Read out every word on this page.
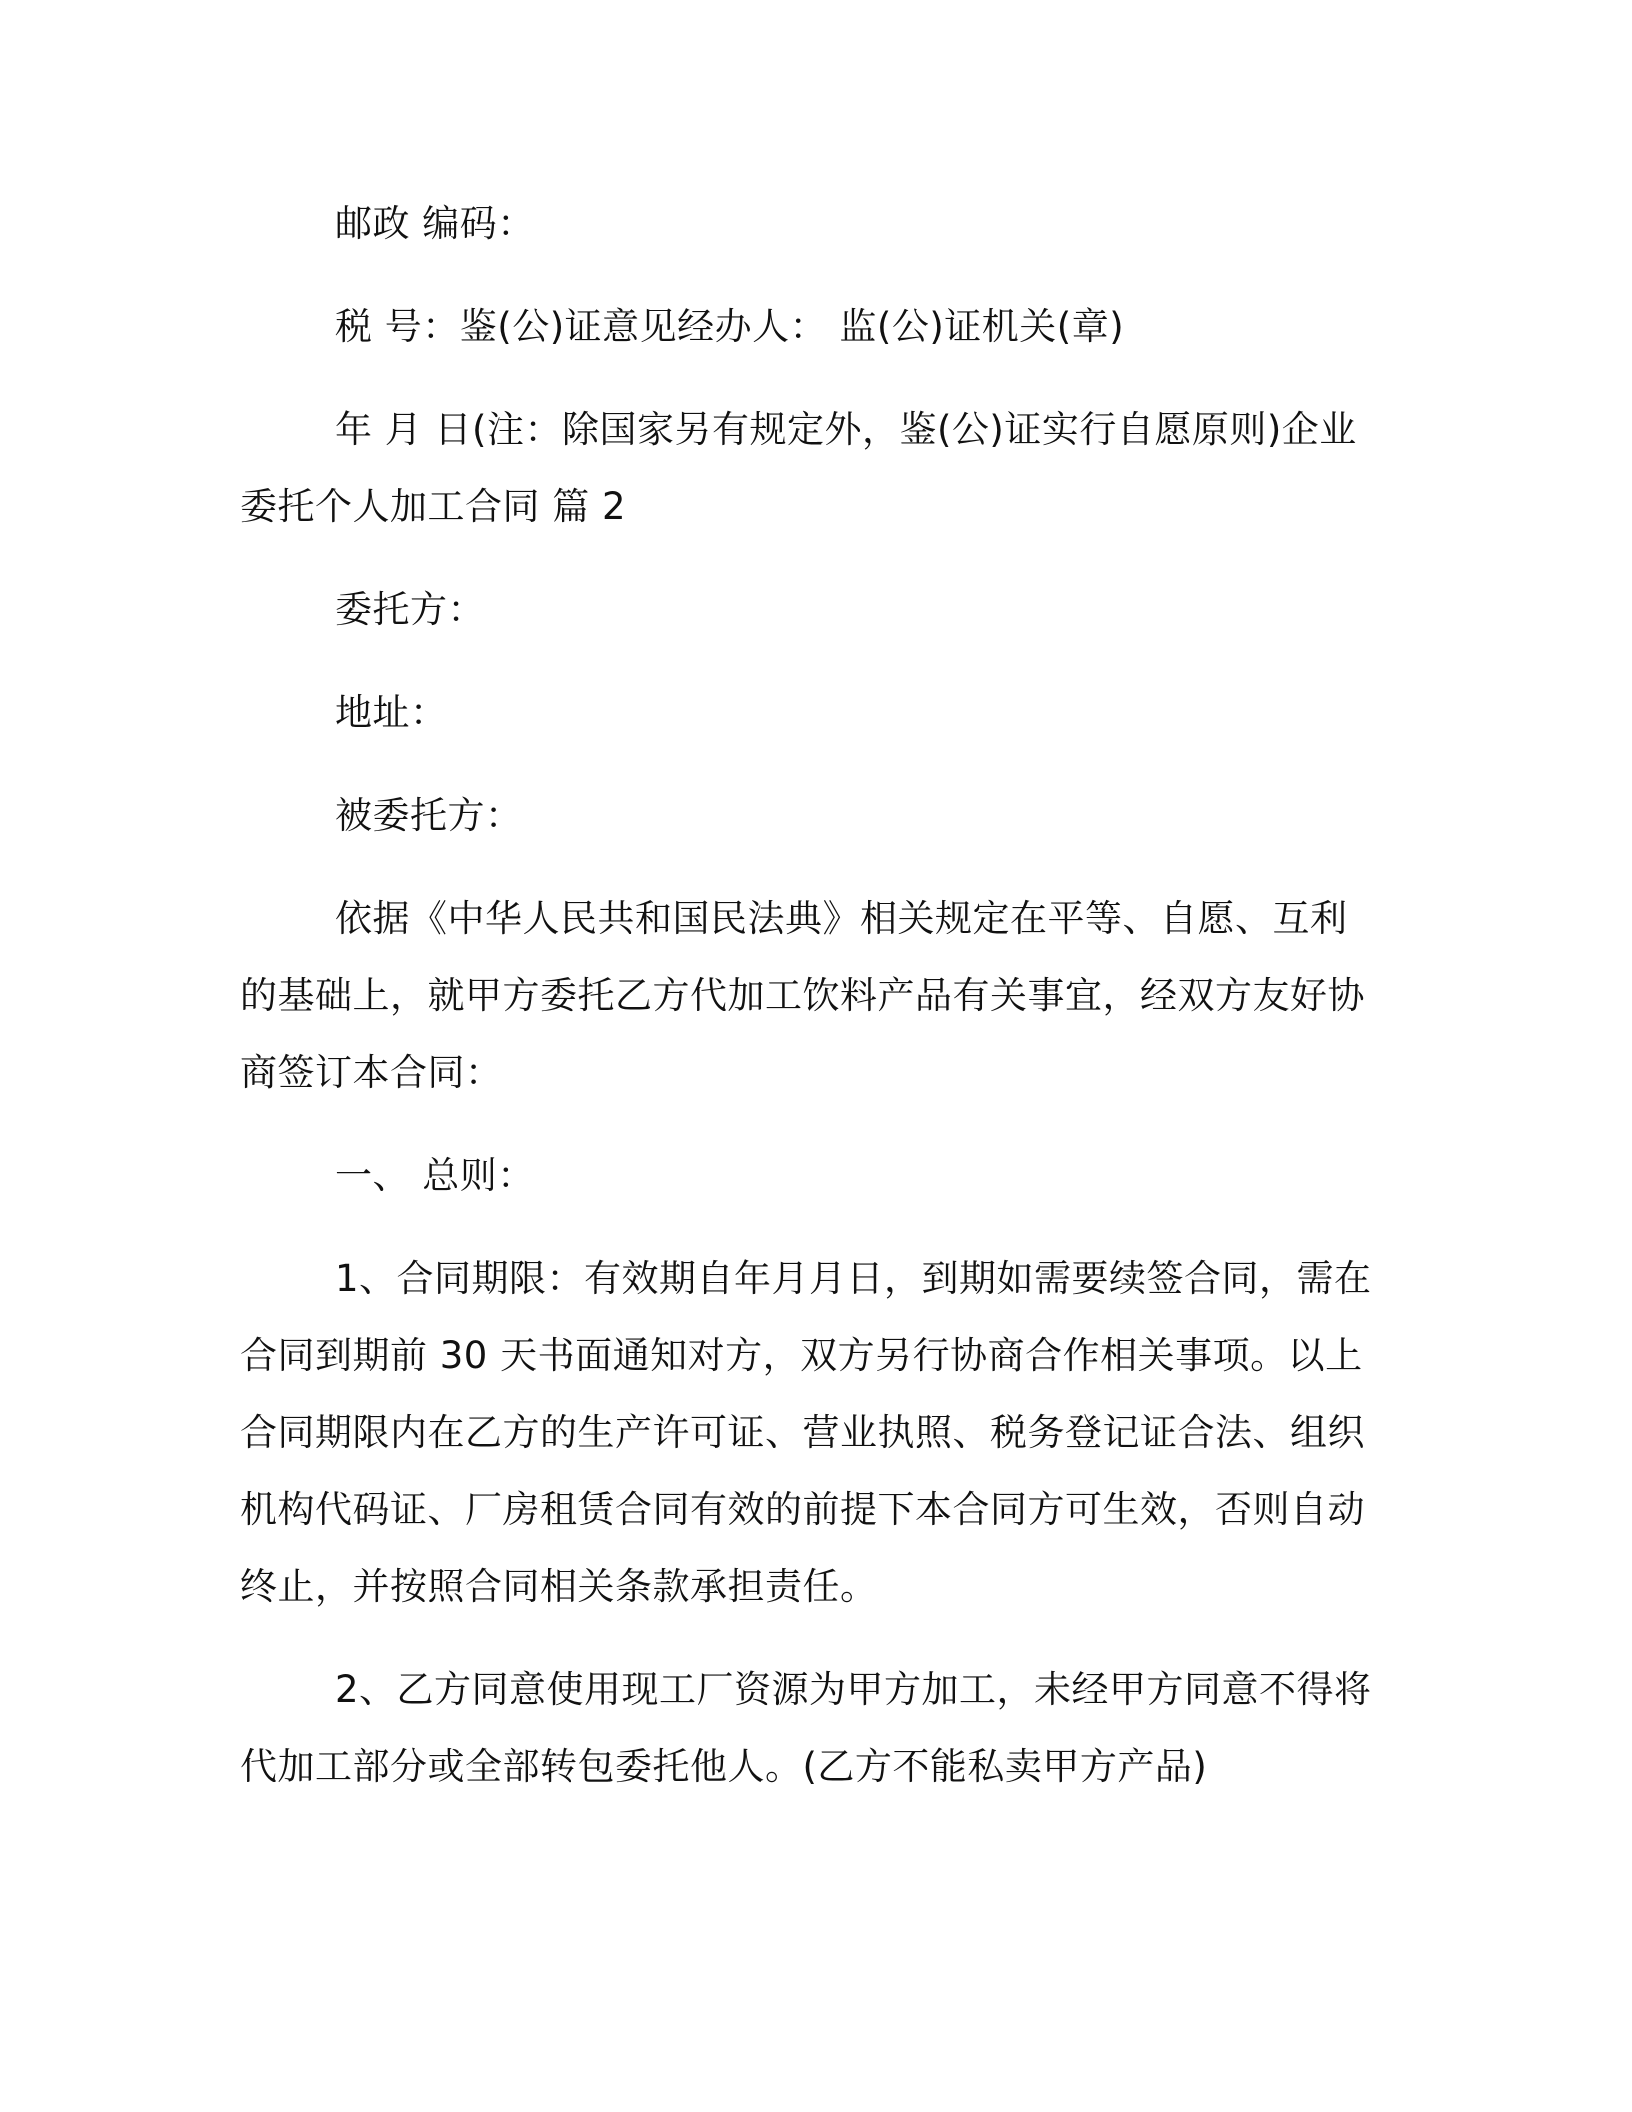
邮政 编码：

税 号：鉴(公)证意见经办人： 监(公)证机关(章)

年 月 日(注：除国家另有规定外，鉴(公)证实行自愿原则)企业委托个人加工合同 篇 2

委托方：

地址：

被委托方：

依据《中华人民共和国民法典》相关规定在平等、自愿、互利的基础上，就甲方委托乙方代加工饮料产品有关事宜，经双方友好协商签订本合同：

一、 总则：

1、合同期限：有效期自年月月日，到期如需要续签合同，需在合同到期前 30 天书面通知对方，双方另行协商合作相关事项。以上合同期限内在乙方的生产许可证、营业执照、税务登记证合法、组织机构代码证、厂房租赁合同有效的前提下本合同方可生效，否则自动终止，并按照合同相关条款承担责任。

2、乙方同意使用现工厂资源为甲方加工，未经甲方同意不得将代加工部分或全部转包委托他人。(乙方不能私卖甲方产品)
